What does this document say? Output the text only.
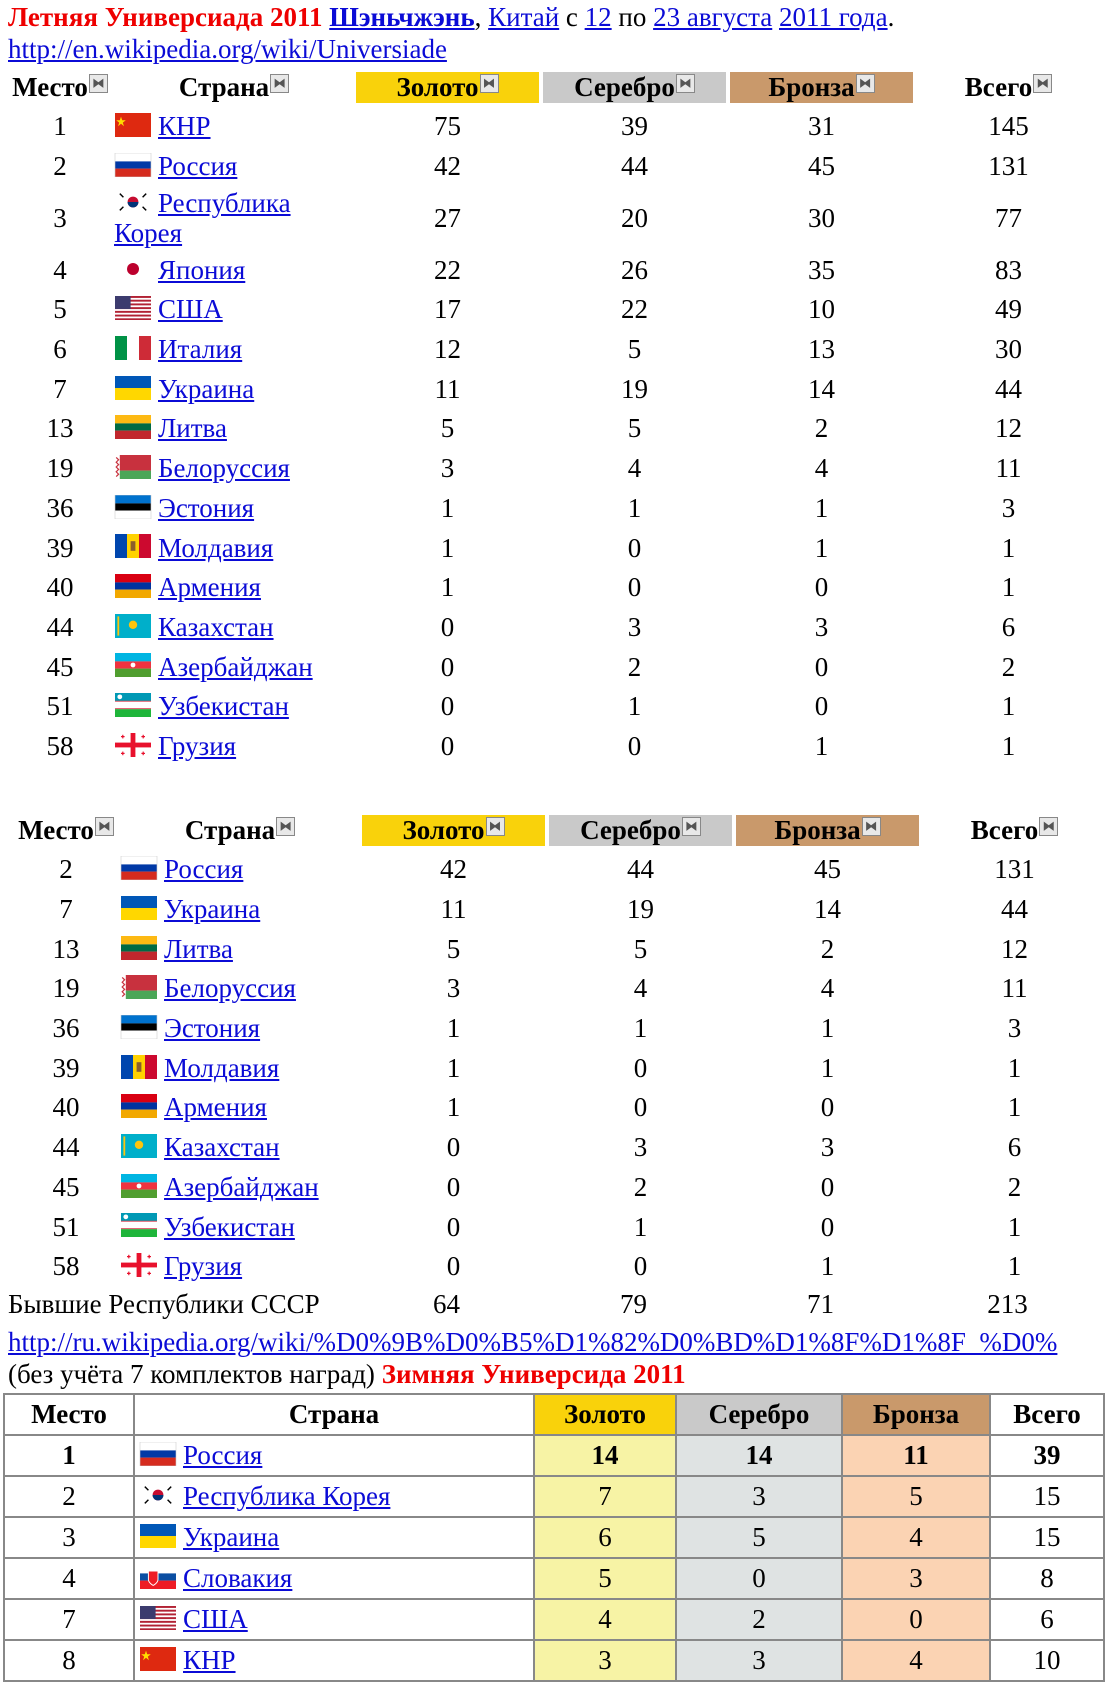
Летняя Универсиада 2011 Шэньчжэнь, Китай с 12 по 23 августа 2011 года.
http://en.wikipedia.org/wiki/Universiade
Место ⧓	Страна ⧓	Золото ⧓	Серебро ⧓	Бронза ⧓	Всего ⧓
1	КНР	75	39	31	145
2	Россия	42	44	45	131
3	Республика Корея	27	20	30	77
4	Япония	22	26	35	83
5	США	17	22	10	49
6	Италия	12	5	13	30
7	Украина	11	19	14	44
13	Литва	5	5	2	12
19	Белоруссия	3	4	4	11
36	Эстония	1	1	1	3
39	Молдавия	1	0	1	1
40	Армения	1	0	0	1
44	Казахстан	0	3	3	6
45	Азербайджан	0	2	0	2
51	Узбекистан	0	1	0	1
58	Грузия	0	0	1	1
Место ⧓	Страна ⧓	Золото ⧓	Серебро ⧓	Бронза ⧓	Всего ⧓
2	Россия	42	44	45	131
7	Украина	11	19	14	44
13	Литва	5	5	2	12
19	Белоруссия	3	4	4	11
36	Эстония	1	1	1	3
39	Молдавия	1	0	1	1
40	Армения	1	0	0	1
44	Казахстан	0	3	3	6
45	Азербайджан	0	2	0	2
51	Узбекистан	0	1	0	1
58	Грузия	0	0	1	1
Бывшие Республики СССР	64	79	71	213
http://ru.wikipedia.org/wiki/%D0%9B%D0%B5%D1%82%D0%BD%D1%8F%D1%8F_%D0%
(без учёта 7 комплектов наград) Зимняя Универсида 2011
Место	Страна	Золото	Серебро	Бронза	Всего
1	Россия	14	14	11	39
2	Республика Корея	7	3	5	15
3	Украина	6	5	4	15
4	Словакия	5	0	3	8
7	США	4	2	0	6
8	КНР	3	3	4	10
